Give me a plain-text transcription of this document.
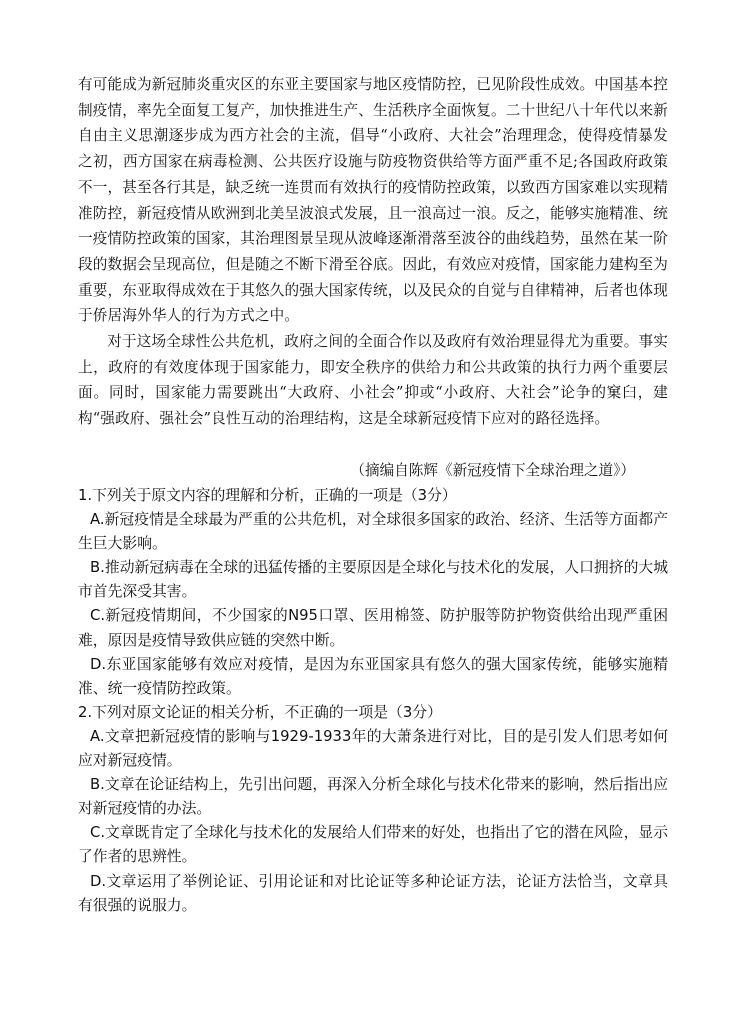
有可能成为新冠肺炎重灾区的东亚主要国家与地区疫情防控，已见阶段性成效。中国基本控制疫情，率先全面复工复产，加快推进生产、生活秩序全面恢复。二十世纪八十年代以来新自由主义思潮逐步成为西方社会的主流，倡导“小政府、大社会”治理理念，使得疫情暴发之初，西方国家在病毒检测、公共医疗设施与防疫物资供给等方面严重不足;各国政府政策不一，甚至各行其是，缺乏统一连贯而有效执行的疫情防控政策，以致西方国家难以实现精准防控，新冠疫情从欧洲到北美呈波浪式发展，且一浪高过一浪。反之，能够实施精准、统一疫情防控政策的国家，其治理图景呈现从波峰逐渐滑落至波谷的曲线趋势，虽然在某一阶段的数据会呈现高位，但是随之不断下滑至谷底。因此，有效应对疫情，国家能力建构至为重要，东亚取得成效在于其悠久的强大国家传统，以及民众的自觉与自律精神，后者也体现于侨居海外华人的行为方式之中。

对于这场全球性公共危机，政府之间的全面合作以及政府有效治理显得尤为重要。事实上，政府的有效度体现于国家能力，即安全秩序的供给力和公共政策的执行力两个重要层面。同时，国家能力需要跳出“大政府、小社会”抑或“小政府、大社会”论争的窠臼，建构“强政府、强社会”良性互动的治理结构，这是全球新冠疫情下应对的路径选择。

（摘编自陈辉《新冠疫情下全球治理之道》）

1.下列关于原文内容的理解和分析，正确的一项是（3分）

A.新冠疫情是全球最为严重的公共危机，对全球很多国家的政治、经济、生活等方面都产生巨大影响。

B.推动新冠病毒在全球的迅猛传播的主要原因是全球化与技术化的发展，人口拥挤的大城市首先深受其害。

C.新冠疫情期间，不少国家的N95口罩、医用棉签、防护服等防护物资供给出现严重困难，原因是疫情导致供应链的突然中断。

D.东亚国家能够有效应对疫情，是因为东亚国家具有悠久的强大国家传统，能够实施精准、统一疫情防控政策。

2.下列对原文论证的相关分析，不正确的一项是（3分）

A.文章把新冠疫情的影响与1929-1933年的大萧条进行对比，目的是引发人们思考如何应对新冠疫情。

B.文章在论证结构上，先引出问题，再深入分析全球化与技术化带来的影响，然后指出应对新冠疫情的办法。

C.文章既肯定了全球化与技术化的发展给人们带来的好处，也指出了它的潜在风险，显示了作者的思辨性。

D.文章运用了举例论证、引用论证和对比论证等多种论证方法，论证方法恰当，文章具有很强的说服力。
